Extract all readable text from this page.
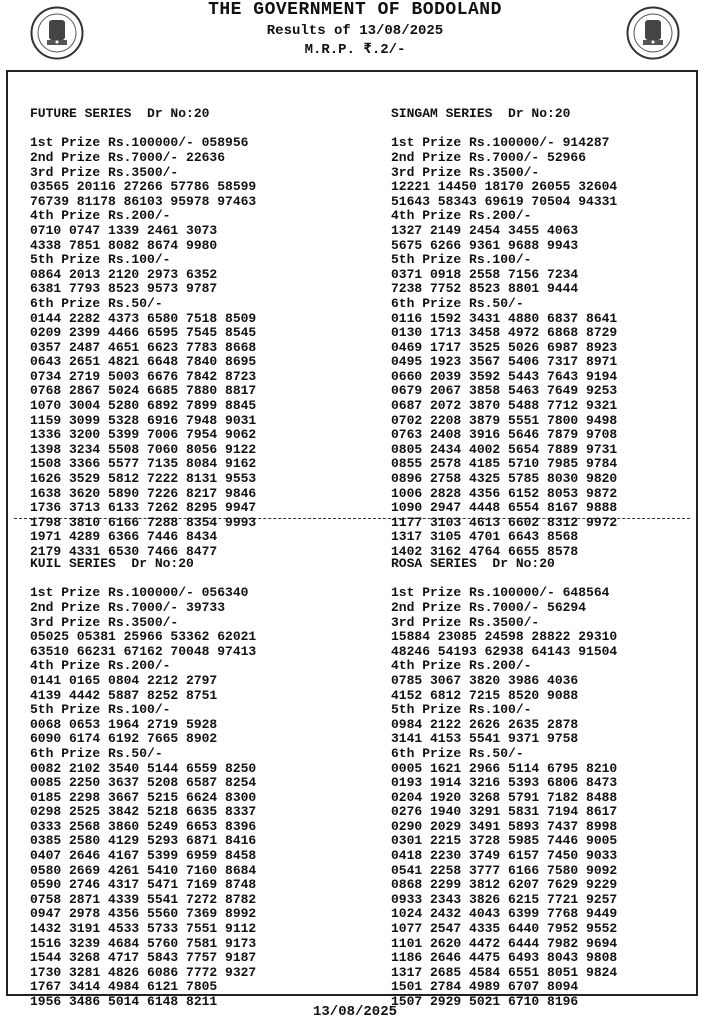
THE GOVERNMENT OF BODOLAND
Results of 13/08/2025
M.R.P. ₹.2/-

FUTURE SERIES  Dr No:20

1st Prize Rs.100000/- 058956
2nd Prize Rs.7000/- 22636
3rd Prize Rs.3500/-
03565 20116 27266 57786 58599
76739 81178 86103 95978 97463
4th Prize Rs.200/-
0710 0747 1339 2461 3073
4338 7851 8082 8674 9980
5th Prize Rs.100/-
0864 2013 2120 2973 6352
6381 7793 8523 9573 9787
6th Prize Rs.50/-
0144 2282 4373 6580 7518 8509
0209 2399 4466 6595 7545 8545
0357 2487 4651 6623 7783 8668
0643 2651 4821 6648 7840 8695
0734 2719 5003 6676 7842 8723
0768 2867 5024 6685 7880 8817
1070 3004 5280 6892 7899 8845
1159 3099 5328 6916 7948 9031
1336 3200 5399 7006 7954 9062
1398 3234 5508 7060 8056 9122
1508 3366 5577 7135 8084 9162
1626 3529 5812 7222 8131 9553
1638 3620 5890 7226 8217 9846
1736 3713 6133 7262 8295 9947
1798 3810 6166 7288 8354 9993
1971 4289 6366 7446 8434
2179 4331 6530 7466 8477

SINGAM SERIES  Dr No:20

1st Prize Rs.100000/- 914287
2nd Prize Rs.7000/- 52966
3rd Prize Rs.3500/-
12221 14450 18170 26055 32604
51643 58343 69619 70504 94331
4th Prize Rs.200/-
1327 2149 2454 3455 4063
5675 6266 9361 9688 9943
5th Prize Rs.100/-
0371 0918 2558 7156 7234
7238 7752 8523 8801 9444
6th Prize Rs.50/-
0116 1592 3431 4880 6837 8641
0130 1713 3458 4972 6868 8729
0469 1717 3525 5026 6987 8923
0495 1923 3567 5406 7317 8971
0660 2039 3592 5443 7643 9194
0679 2067 3858 5463 7649 9253
0687 2072 3870 5488 7712 9321
0702 2208 3879 5551 7800 9498
0763 2408 3916 5646 7879 9708
0805 2434 4002 5654 7889 9731
0855 2578 4185 5710 7985 9784
0896 2758 4325 5785 8030 9820
1006 2828 4356 6152 8053 9872
1090 2947 4448 6554 8167 9888
1177 3103 4613 6602 8312 9972
1317 3105 4701 6643 8568
1402 3162 4764 6655 8578

KUIL SERIES  Dr No:20

1st Prize Rs.100000/- 056340
2nd Prize Rs.7000/- 39733
3rd Prize Rs.3500/-
05025 05381 25966 53362 62021
63510 66231 67162 70048 97413
4th Prize Rs.200/-
0141 0165 0804 2212 2797
4139 4442 5887 8252 8751
5th Prize Rs.100/-
0068 0653 1964 2719 5928
6090 6174 6192 7665 8902
6th Prize Rs.50/-
0082 2102 3540 5144 6559 8250
0085 2250 3637 5208 6587 8254
0185 2298 3667 5215 6624 8300
0298 2525 3842 5218 6635 8337
0333 2568 3860 5249 6653 8396
0385 2580 4129 5293 6871 8416
0407 2646 4167 5399 6959 8458
0580 2669 4261 5410 7160 8684
0590 2746 4317 5471 7169 8748
0758 2871 4339 5541 7272 8782
0947 2978 4356 5560 7369 8992
1432 3191 4533 5733 7551 9112
1516 3239 4684 5760 7581 9173
1544 3268 4717 5843 7757 9187
1730 3281 4826 6086 7772 9327
1767 3414 4984 6121 7805
1956 3486 5014 6148 8211

ROSA SERIES  Dr No:20

1st Prize Rs.100000/- 648564
2nd Prize Rs.7000/- 56294
3rd Prize Rs.3500/-
15884 23085 24598 28822 29310
48246 54193 62938 64143 91504
4th Prize Rs.200/-
0785 3067 3820 3986 4036
4152 6812 7215 8520 9088
5th Prize Rs.100/-
0984 2122 2626 2635 2878
3141 4153 5541 9371 9758
6th Prize Rs.50/-
0005 1621 2966 5114 6795 8210
0193 1914 3216 5393 6806 8473
0204 1920 3268 5791 7182 8488
0276 1940 3291 5831 7194 8617
0290 2029 3491 5893 7437 8998
0301 2215 3728 5985 7446 9005
0418 2230 3749 6157 7450 9033
0541 2258 3777 6166 7580 9092
0868 2299 3812 6207 7629 9229
0933 2343 3826 6215 7721 9257
1024 2432 4043 6399 7768 9449
1077 2547 4335 6440 7952 9552
1101 2620 4472 6444 7982 9694
1186 2646 4475 6493 8043 9808
1317 2685 4584 6551 8051 9824
1501 2784 4989 6707 8094
1507 2929 5021 6710 8196
13/08/2025
